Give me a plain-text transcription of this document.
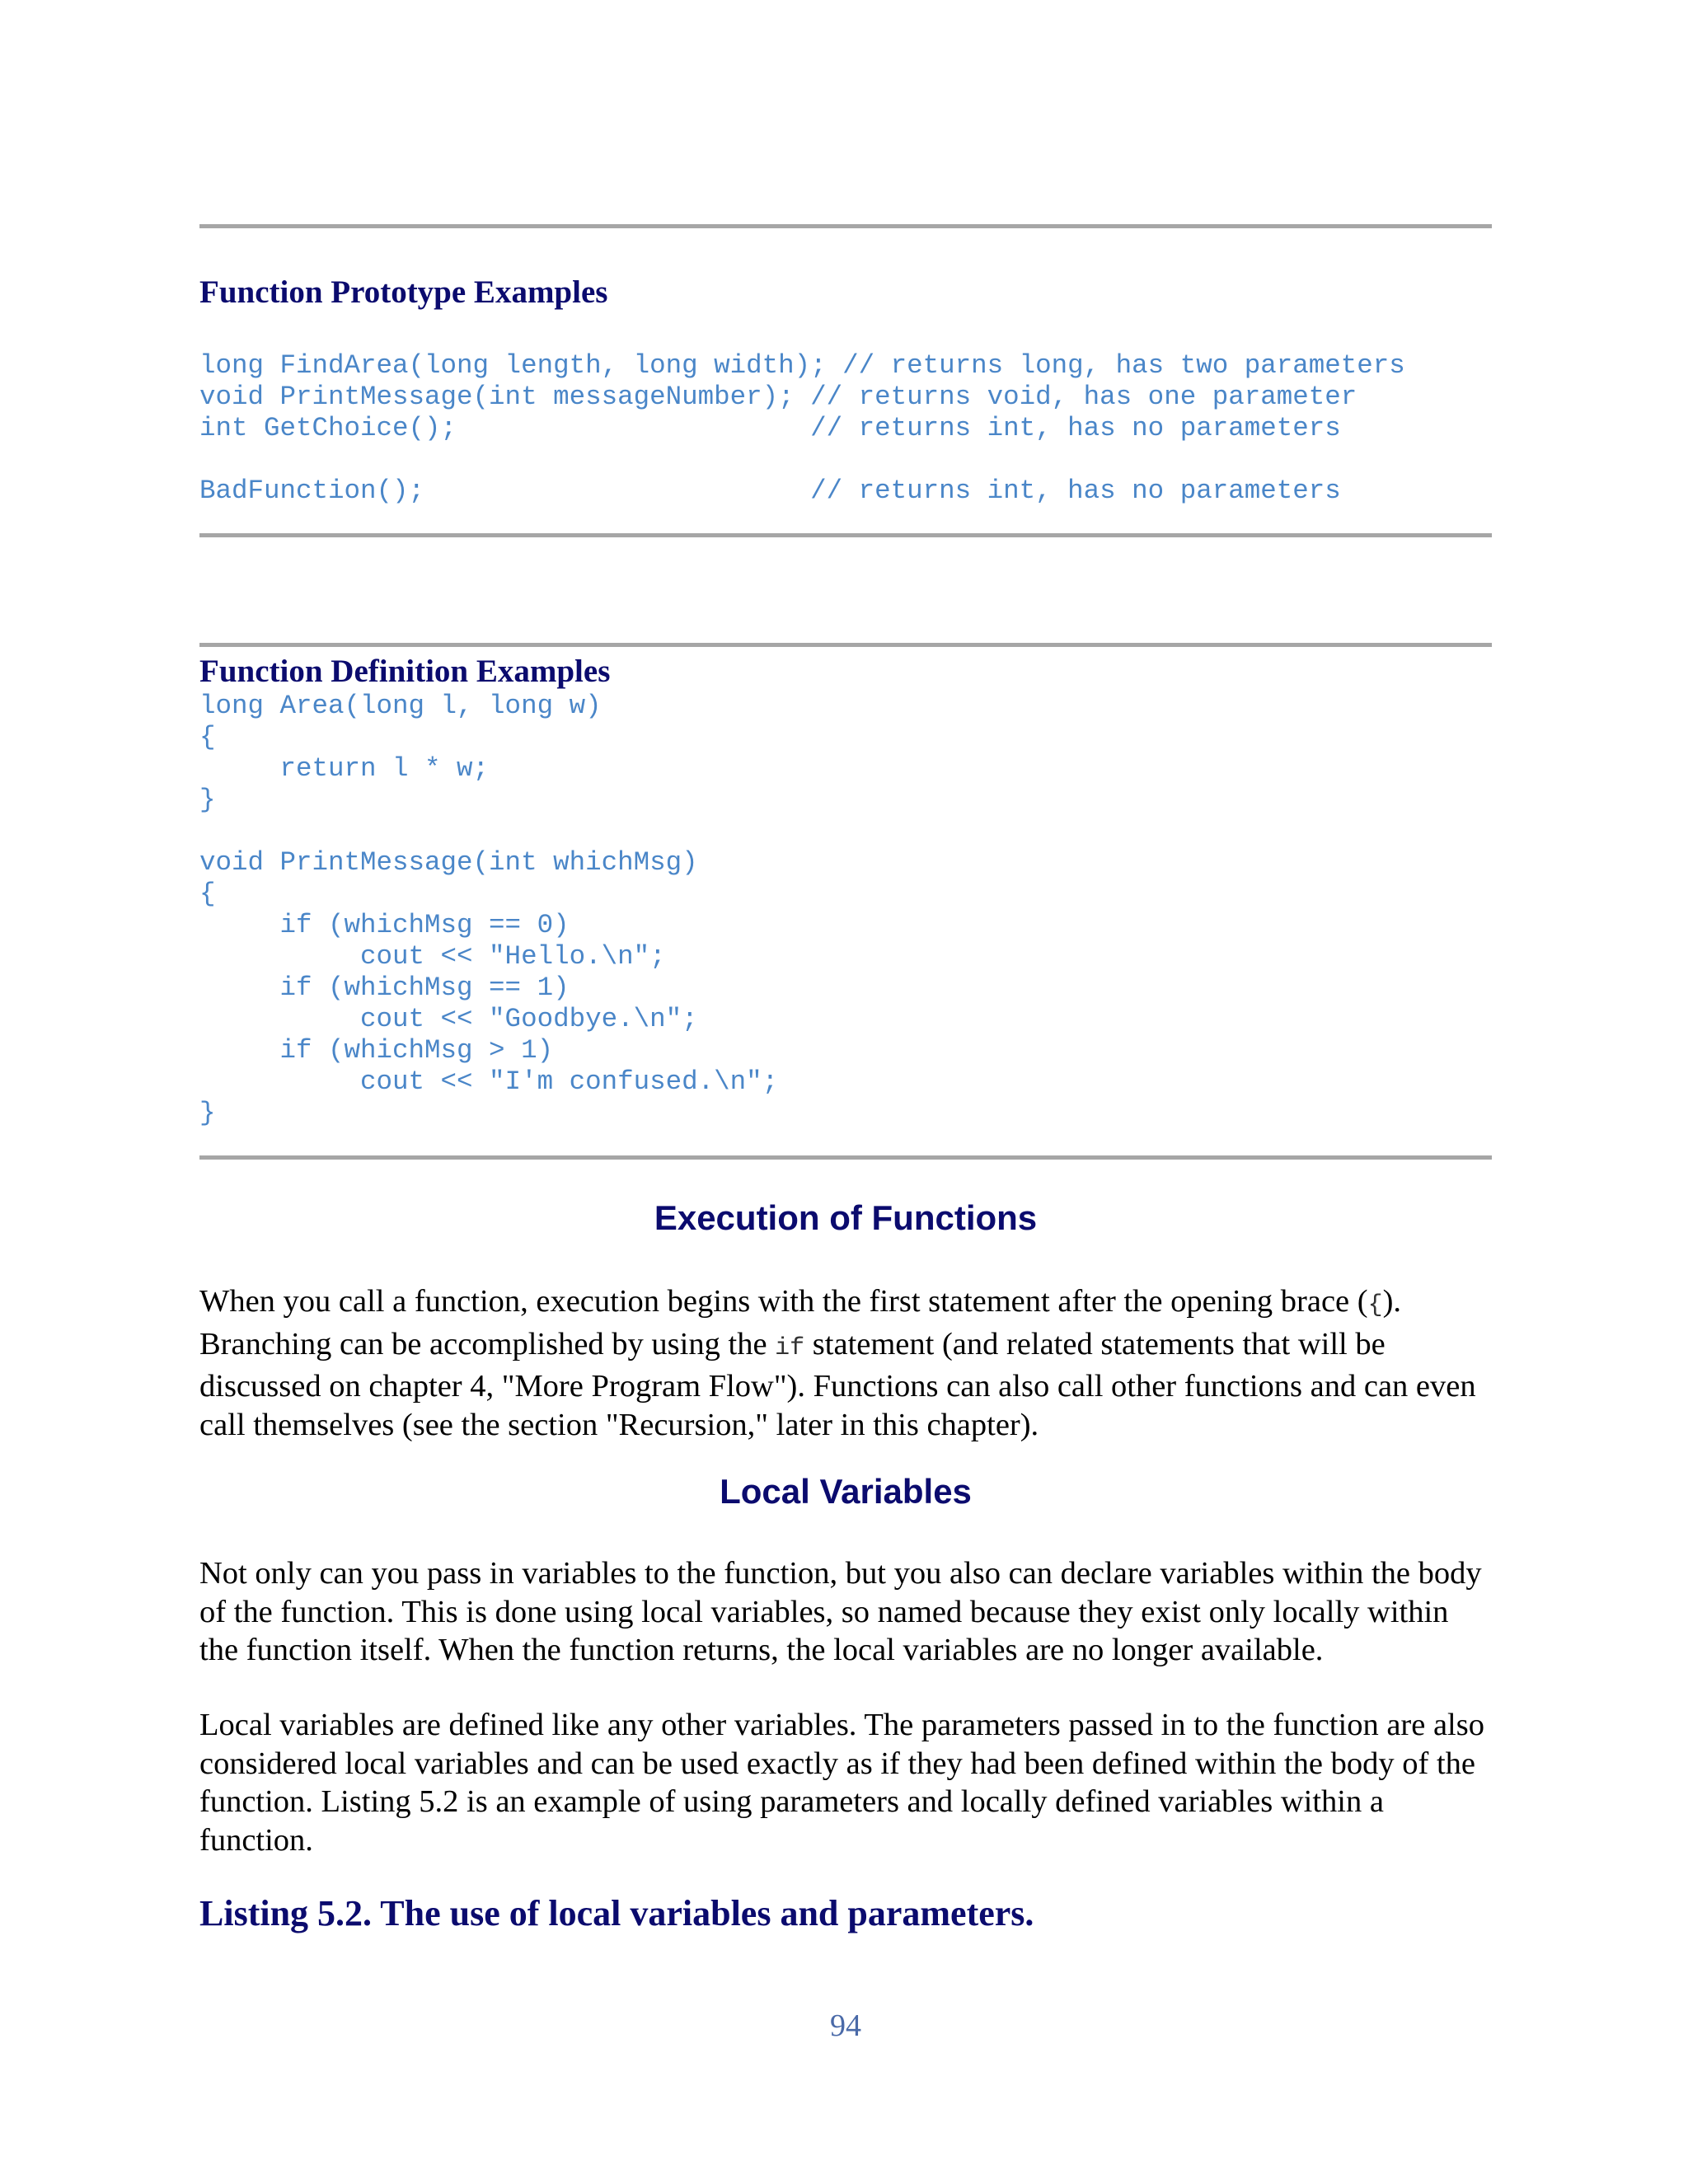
Function Prototype Examples
long FindArea(long length, long width); // returns long, has two parameters
void PrintMessage(int messageNumber); // returns void, has one parameter
int GetChoice();                      // returns int, has no parameters

BadFunction();                        // returns int, has no parameters
Function Definition Examples
long Area(long l, long w)
{
return l * w;
}

void PrintMessage(int whichMsg)
{
if (whichMsg == 0)
cout << "Hello.\n";
if (whichMsg == 1)
cout << "Goodbye.\n";
if (whichMsg > 1)
cout << "I'm confused.\n";
}
Execution of Functions

When you call a function, execution begins with the first statement after the opening brace ({). Branching can be accomplished by using the if statement (and related statements that will be discussed on chapter 4, "More Program Flow"). Functions can also call other functions and can even call themselves (see the section "Recursion," later in this chapter).

Local Variables

Not only can you pass in variables to the function, but you also can declare variables within the body of the function. This is done using local variables, so named because they exist only locally within the function itself. When the function returns, the local variables are no longer available.

Local variables are defined like any other variables. The parameters passed in to the function are also considered local variables and can be used exactly as if they had been defined within the body of the function. Listing 5.2 is an example of using parameters and locally defined variables within a function.

Listing 5.2. The use of local variables and parameters.
94
